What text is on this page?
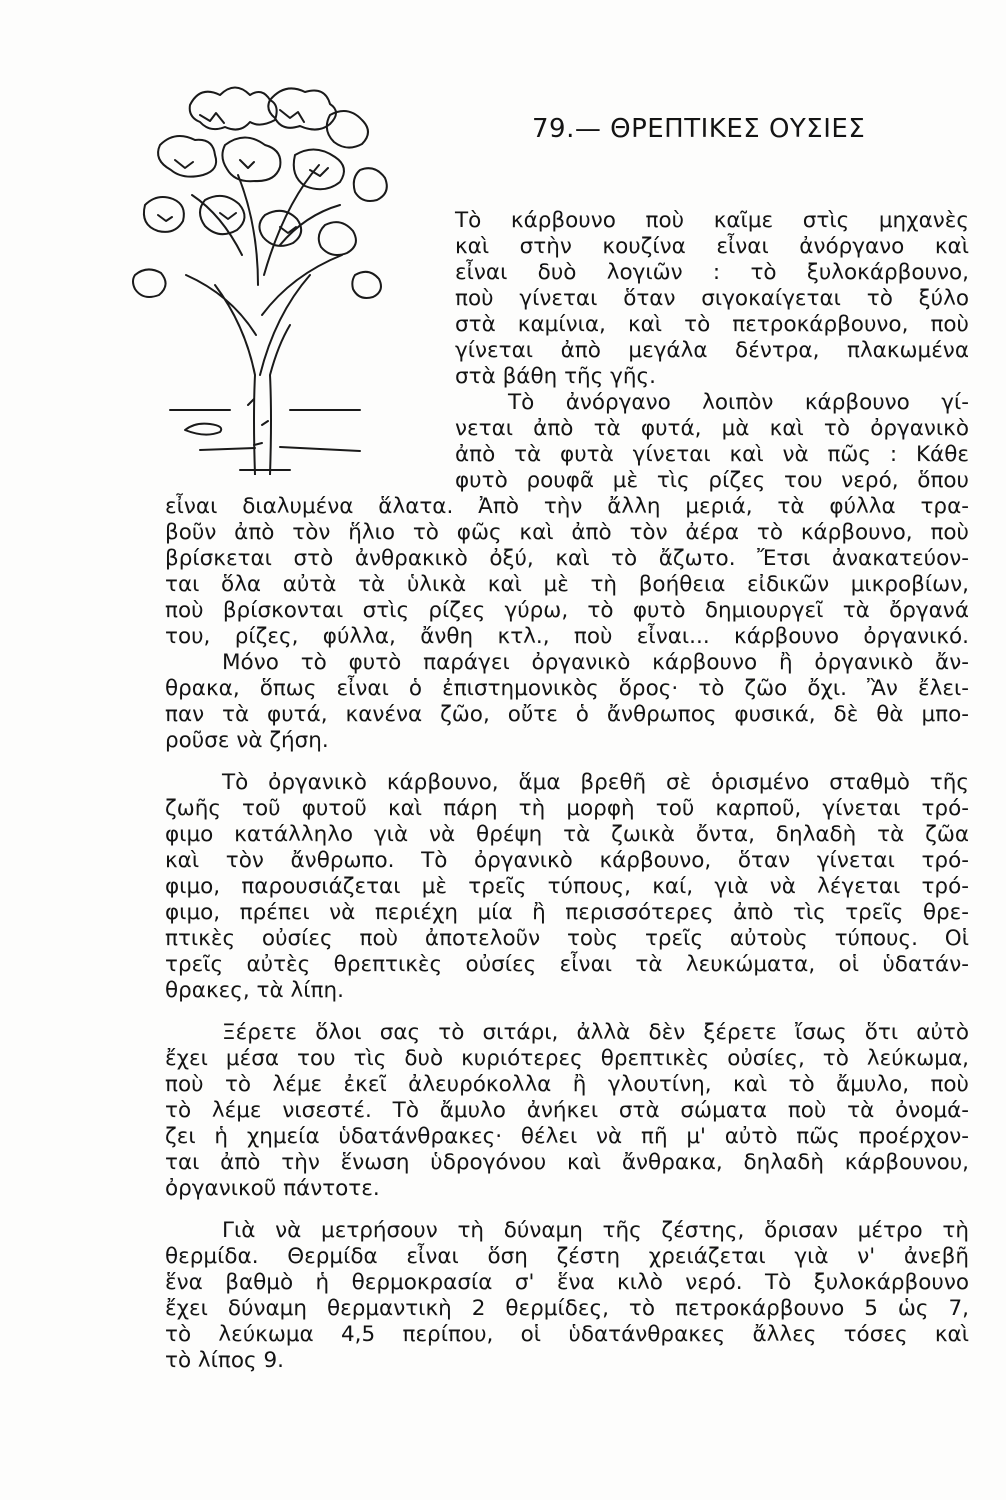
79.— ΘΡΕΠΤΙΚΕΣ ΟΥΣΙΕΣ
Τὸ κάρβουνο ποὺ καῖμε στὶς μηχανὲς
καὶ στὴν κουζίνα εἶναι ἀνόργανο καὶ
εἶναι δυὸ λογιῶν : τὸ ξυλοκάρβουνο,
ποὺ γίνεται ὅταν σιγοκαίγεται τὸ ξύλο
στὰ καμίνια, καὶ τὸ πετροκάρβουνο, ποὺ
γίνεται ἀπὸ μεγάλα δέντρα, πλακωμένα
στὰ βάθη τῆς γῆς.
Τὸ ἀνόργανο λοιπὸν κάρβουνο γί-
νεται ἀπὸ τὰ φυτά, μὰ καὶ τὸ ὀργανικὸ
ἀπὸ τὰ φυτὰ γίνεται καὶ νὰ πῶς : Κάθε
φυτὸ ρουφᾶ μὲ τὶς ρίζες του νερό, ὅπου
εἶναι διαλυμένα ἅλατα. Ἀπὸ τὴν ἄλλη μεριά, τὰ φύλλα τρα-
βοῦν ἀπὸ τὸν ἥλιο τὸ φῶς καὶ ἀπὸ τὸν ἀέρα τὸ κάρβουνο, ποὺ
βρίσκεται στὸ ἀνθρακικὸ ὀξύ, καὶ τὸ ἄζωτο. Ἔτσι ἀνακατεύον-
ται ὅλα αὐτὰ τὰ ὑλικὰ καὶ μὲ τὴ βοήθεια εἰδικῶν μικροβίων,
ποὺ βρίσκονται στὶς ρίζες γύρω, τὸ φυτὸ δημιουργεῖ τὰ ὄργανά
του, ρίζες, φύλλα, ἄνθη κτλ., ποὺ εἶναι... κάρβουνο ὀργανικό.
Μόνο τὸ φυτὸ παράγει ὀργανικὸ κάρβουνο ἢ ὀργανικὸ ἄν-
θρακα, ὅπως εἶναι ὁ ἐπιστημονικὸς ὅρος· τὸ ζῶο ὄχι. Ἂν ἔλει-
παν τὰ φυτά, κανένα ζῶο, οὔτε ὁ ἄνθρωπος φυσικά, δὲ θὰ μπο-
ροῦσε νὰ ζήση.
Τὸ ὀργανικὸ κάρβουνο, ἅμα βρεθῆ σὲ ὁρισμένο σταθμὸ τῆς
ζωῆς τοῦ φυτοῦ καὶ πάρη τὴ μορφὴ τοῦ καρποῦ, γίνεται τρό-
φιμο κατάλληλο γιὰ νὰ θρέψη τὰ ζωικὰ ὄντα, δηλαδὴ τὰ ζῶα
καὶ τὸν ἄνθρωπο. Τὸ ὀργανικὸ κάρβουνο, ὅταν γίνεται τρό-
φιμο, παρουσιάζεται μὲ τρεῖς τύπους, καί, γιὰ νὰ λέγεται τρό-
φιμο, πρέπει νὰ περιέχη μία ἢ περισσότερες ἀπὸ τὶς τρεῖς θρε-
πτικὲς οὐσίες ποὺ ἀποτελοῦν τοὺς τρεῖς αὐτοὺς τύπους. Οἱ
τρεῖς αὐτὲς θρεπτικὲς οὐσίες εἶναι τὰ λευκώματα, οἱ ὑδατάν-
θρακες, τὰ λίπη.
Ξέρετε ὅλοι σας τὸ σιτάρι, ἀλλὰ δὲν ξέρετε ἴσως ὅτι αὐτὸ
ἔχει μέσα του τὶς δυὸ κυριότερες θρεπτικὲς οὐσίες, τὸ λεύκωμα,
ποὺ τὸ λέμε ἐκεῖ ἀλευρόκολλα ἢ γλουτίνη, καὶ τὸ ἄμυλο, ποὺ
τὸ λέμε νισεστέ. Τὸ ἄμυλο ἀνήκει στὰ σώματα ποὺ τὰ ὀνομά-
ζει ἡ χημεία ὑδατάνθρακες· θέλει νὰ πῆ μ' αὐτὸ πῶς προέρχον-
ται ἀπὸ τὴν ἕνωση ὑδρογόνου καὶ ἄνθρακα, δηλαδὴ κάρβουνου,
ὀργανικοῦ πάντοτε.
Γιὰ νὰ μετρήσουν τὴ δύναμη τῆς ζέστης, ὅρισαν μέτρο τὴ
θερμίδα. Θερμίδα εἶναι ὅση ζέστη χρειάζεται γιὰ ν' ἀνεβῆ
ἕνα βαθμὸ ἡ θερμοκρασία σ' ἕνα κιλὸ νερό. Τὸ ξυλοκάρβουνο
ἔχει δύναμη θερμαντικὴ 2 θερμίδες, τὸ πετροκάρβουνο 5 ὡς 7,
τὸ λεύκωμα 4,5 περίπου, οἱ ὑδατάνθρακες ἄλλες τόσες καὶ
τὸ λίπος 9.
